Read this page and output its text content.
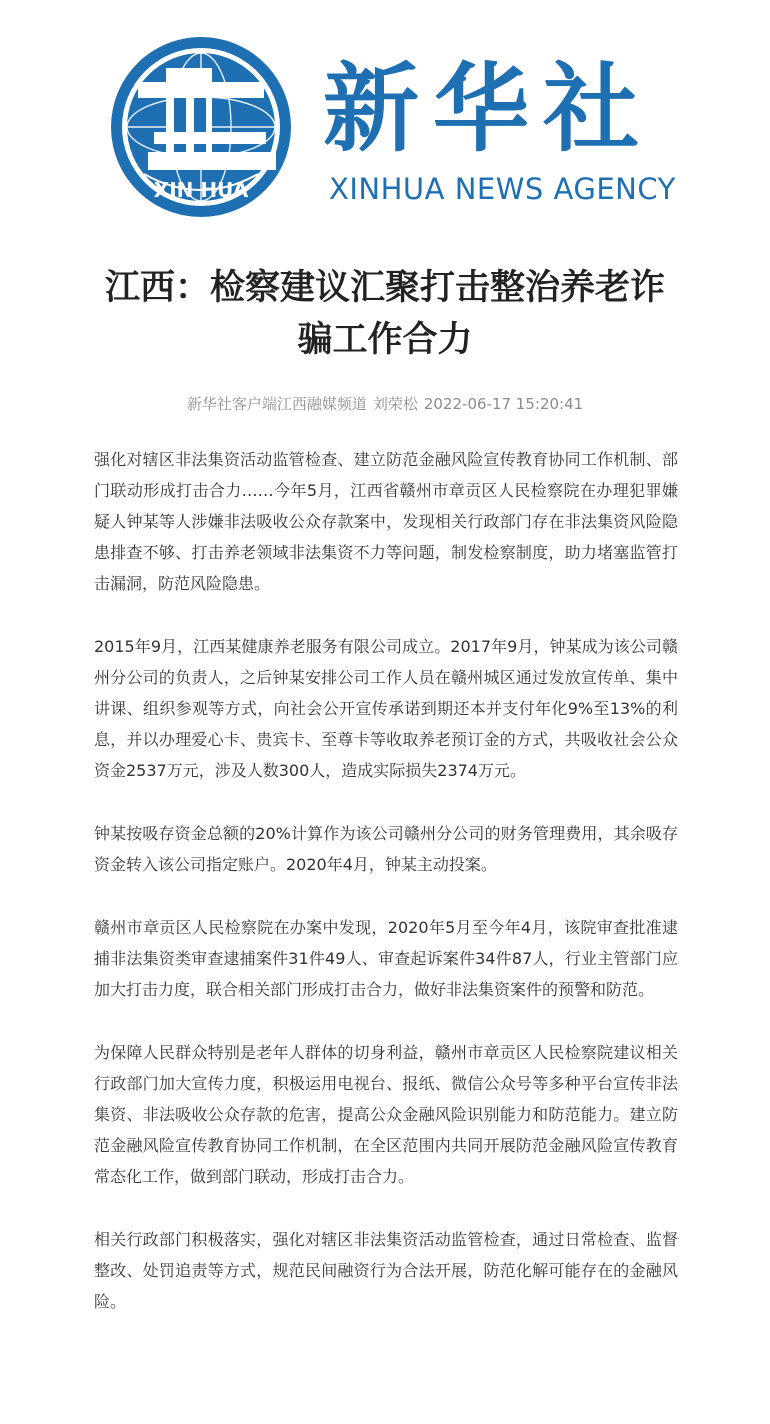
XIN HUA
新华社
XINHUA NEWS AGENCY
江西：检察建议汇聚打击整治养老诈骗工作合力
新华社客户端江西融媒频道 刘荣松 2022-06-17 15:20:41

强化对辖区非法集资活动监管检查、建立防范金融风险宣传教育协同工作机制、部门联动形成打击合力……今年5月，江西省赣州市章贡区人民检察院在办理犯罪嫌疑人钟某等人涉嫌非法吸收公众存款案中，发现相关行政部门存在非法集资风险隐患排查不够、打击养老领域非法集资不力等问题，制发检察制度，助力堵塞监管打击漏洞，防范风险隐患。

2015年9月，江西某健康养老服务有限公司成立。2017年9月，钟某成为该公司赣州分公司的负责人，之后钟某安排公司工作人员在赣州城区通过发放宣传单、集中讲课、组织参观等方式，向社会公开宣传承诺到期还本并支付年化9%至13%的利息，并以办理爱心卡、贵宾卡、至尊卡等收取养老预订金的方式，共吸收社会公众资金2537万元，涉及人数300人，造成实际损失2374万元。

钟某按吸存资金总额的20%计算作为该公司赣州分公司的财务管理费用，其余吸存资金转入该公司指定账户。2020年4月，钟某主动投案。

赣州市章贡区人民检察院在办案中发现，2020年5月至今年4月，该院审查批准逮捕非法集资类审查逮捕案件31件49人、审查起诉案件34件87人，行业主管部门应加大打击力度，联合相关部门形成打击合力，做好非法集资案件的预警和防范。

为保障人民群众特别是老年人群体的切身利益，赣州市章贡区人民检察院建议相关行政部门加大宣传力度，积极运用电视台、报纸、微信公众号等多种平台宣传非法集资、非法吸收公众存款的危害，提高公众金融风险识别能力和防范能力。建立防范金融风险宣传教育协同工作机制，在全区范围内共同开展防范金融风险宣传教育常态化工作，做到部门联动，形成打击合力。

相关行政部门积极落实，强化对辖区非法集资活动监管检查，通过日常检查、监督整改、处罚追责等方式，规范民间融资行为合法开展，防范化解可能存在的金融风险。
